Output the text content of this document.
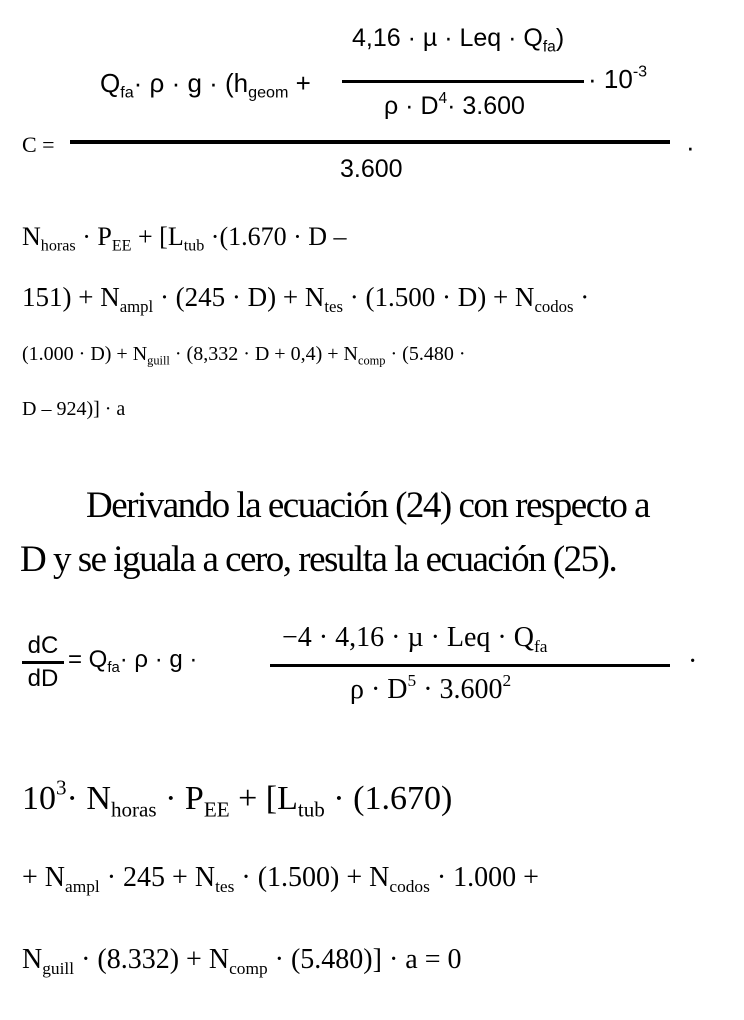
$Q_{fa}\cdot \rho \cdot g \cdot (h_{geom}$ +
4,16 · µ · Leq · $Q_{fa}$)
$\rho \cdot D^4\cdot 3.600$
· $10^{-3}$
C =	·
3.600
$N_{horas} \cdot P_{EE} + [L_{tub} \cdot(1.670 \cdot D$ –
$151) + N_{ampl} \cdot (245 \cdot D) + N_{tes} \cdot (1.500 \cdot D) + N_{codos}$ ·
$(1.000 \cdot D) + N_{guill} \cdot (8,332 \cdot D + 0,4) + N_{comp} \cdot (5.480$ ·
D – 924)] · a
Derivando la ecuación (24) con respecto a
D y se iguala a cero, resulta la ecuación (25).
dC
dD
= $Q_{fa}\cdot \rho \cdot g$ ·
−4 · 4,16 · µ · Leq · $Q_{fa}$
$\rho \cdot D^5 \cdot 3.600^2$
·
$10^3\cdot N_{horas} \cdot P_{EE} + [L_{tub} \cdot (1.670)$
+ $N_{ampl} \cdot 245 + N_{tes} \cdot (1.500) + N_{codos} \cdot 1.000$ +
$N_{guill} \cdot (8.332) + N_{comp} \cdot (5.480)] \cdot a = 0$
